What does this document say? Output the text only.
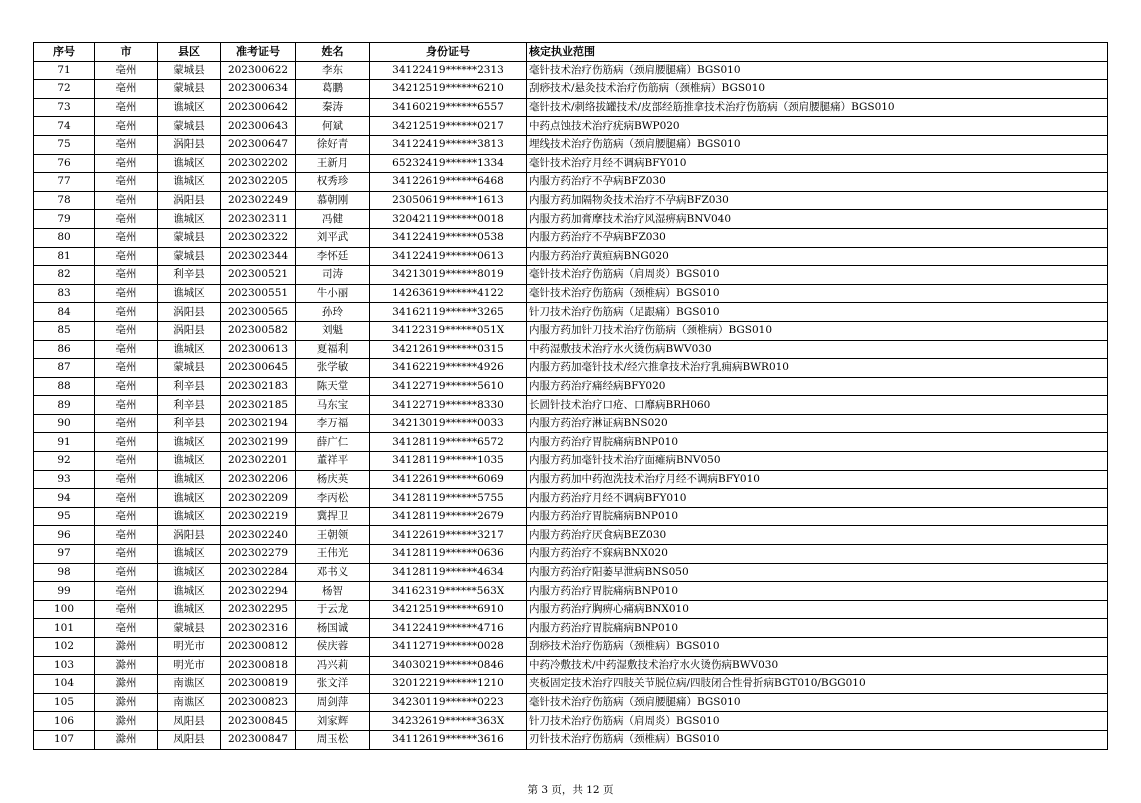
序号	市	县区	准考证号	姓名	身份证号	核定执业范围
71	亳州	蒙城县	202300622	李东	34122419******2313	毫针技术治疗伤筋病（颈肩腰腿痛）BGS010
72	亳州	蒙城县	202300634	葛鹏	34212519******6210	刮痧技术/悬灸技术治疗伤筋病（颈椎病）BGS010
73	亳州	谯城区	202300642	秦涛	34160219******6557	毫针技术/刺络拔罐技术/皮部经筋推拿技术治疗伤筋病（颈肩腰腿痛）BGS010
74	亳州	蒙城县	202300643	何斌	34212519******0217	中药点蚀技术治疗疣病BWP020
75	亳州	涡阳县	202300647	徐好青	34122419******3813	埋线技术治疗伤筋病（颈肩腰腿痛）BGS010
76	亳州	谯城区	202302202	王新月	65232419******1334	毫针技术治疗月经不调病BFY010
77	亳州	谯城区	202302205	权秀珍	34122619******6468	内服方药治疗不孕病BFZ030
78	亳州	涡阳县	202302249	慕朝刚	23050619******1613	内服方药加隔物灸技术治疗不孕病BFZ030
79	亳州	谯城区	202302311	冯健	32042119******0018	内服方药加膏摩技术治疗风湿痹病BNV040
80	亳州	蒙城县	202302322	刘平武	34122419******0538	内服方药治疗不孕病BFZ030
81	亳州	蒙城县	202302344	李怀廷	34122419******0613	内服方药治疗黄疸病BNG020
82	亳州	利辛县	202300521	司涛	34213019******8019	毫针技术治疗伤筋病（肩周炎）BGS010
83	亳州	谯城区	202300551	牛小丽	14263619******4122	毫针技术治疗伤筋病（颈椎病）BGS010
84	亳州	涡阳县	202300565	孙玲	34162119******3265	针刀技术治疗伤筋病（足跟痛）BGS010
85	亳州	涡阳县	202300582	刘魁	34122319******051X	内服方药加针刀技术治疗伤筋病（颈椎病）BGS010
86	亳州	谯城区	202300613	夏福利	34212619******0315	中药湿敷技术治疗水火烫伤病BWV030
87	亳州	蒙城县	202300645	张学敏	34162219******4926	内服方药加毫针技术/经穴推拿技术治疗乳痈病BWR010
88	亳州	利辛县	202302183	陈天堂	34122719******5610	内服方药治疗痛经病BFY020
89	亳州	利辛县	202302185	马东宝	34122719******8330	长圆针技术治疗口疮、口靡病BRH060
90	亳州	利辛县	202302194	李万福	34213019******0033	内服方药治疗淋证病BNS020
91	亳州	谯城区	202302199	薛广仁	34128119******6572	内服方药治疗胃脘痛病BNP010
92	亳州	谯城区	202302201	董祥平	34128119******1035	内服方药加毫针技术治疗面瘫病BNV050
93	亳州	谯城区	202302206	杨庆英	34122619******6069	内服方药加中药泡洗技术治疗月经不调病BFY010
94	亳州	谯城区	202302209	李丙松	34128119******5755	内服方药治疗月经不调病BFY010
95	亳州	谯城区	202302219	冀捍卫	34128119******2679	内服方药治疗胃脘痛病BNP010
96	亳州	涡阳县	202302240	王朝领	34122619******3217	内服方药治疗厌食病BEZ030
97	亳州	谯城区	202302279	王伟光	34128119******0636	内服方药治疗不寐病BNX020
98	亳州	谯城区	202302284	邓书义	34128119******4634	内服方药治疗阳萎早泄病BNS050
99	亳州	谯城区	202302294	杨智	34162319******563X	内服方药治疗胃脘痛病BNP010
100	亳州	谯城区	202302295	于云龙	34212519******6910	内服方药治疗胸痹心痛病BNX010
101	亳州	蒙城县	202302316	杨国诚	34122419******4716	内服方药治疗胃脘痛病BNP010
102	滁州	明光市	202300812	侯庆蓉	34112719******0028	刮痧技术治疗伤筋病（颈椎病）BGS010
103	滁州	明光市	202300818	冯兴莉	34030219******0846	中药冷敷技术/中药湿敷技术治疗水火烫伤病BWV030
104	滁州	南谯区	202300819	张文洋	32012219******1210	夹板固定技术治疗四肢关节脱位病/四肢闭合性骨折病BGT010/BGG010
105	滁州	南谯区	202300823	周剑萍	34230119******0223	毫针技术治疗伤筋病（颈肩腰腿痛）BGS010
106	滁州	凤阳县	202300845	刘家辉	34232619******363X	针刀技术治疗伤筋病（肩周炎）BGS010
107	滁州	凤阳县	202300847	周玉松	34112619******3616	刃针技术治疗伤筋病（颈椎病）BGS010
第 3 页，共 12 页
